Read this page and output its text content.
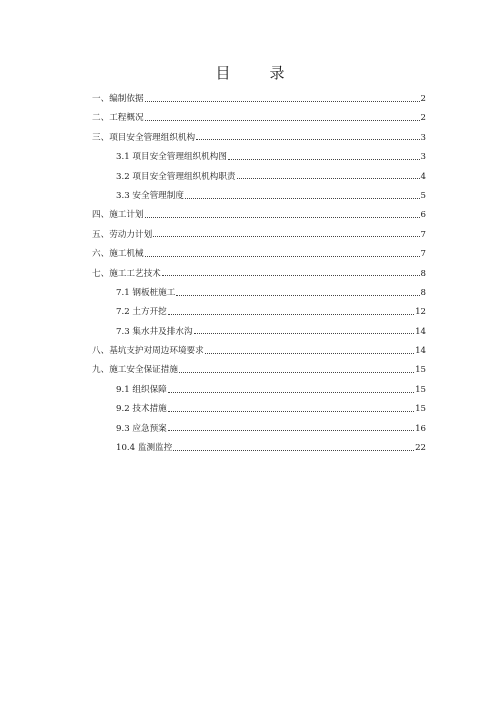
目　录
一、编制依据	2
二、工程概况	2
三、项目安全管理组织机构	3
3.1 项目安全管理组织机构图	3
3.2 项目安全管理组织机构职责	4
3.3 安全管理制度	5
四、施工计划	6
五、劳动力计划	7
六、施工机械	7
七、施工工艺技术	8
7.1 钢板桩施工	8
7.2 土方开挖	12
7.3 集水井及排水沟	14
八、基坑支护对周边环境要求	14
九、施工安全保证措施	15
9.1 组织保障	15
9.2 技术措施	15
9.3 应急预案	16
10.4 监测监控	22
